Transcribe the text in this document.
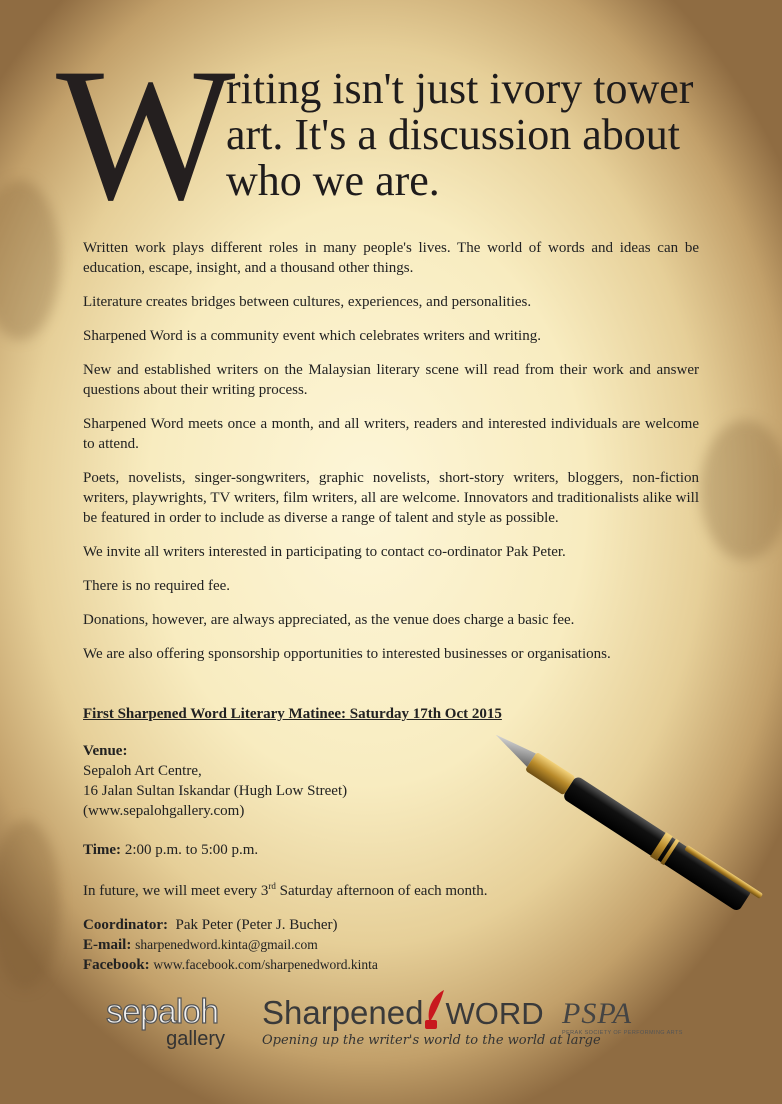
W
riting isn't just ivory tower
art. It's a discussion about
who we are.

Written work plays different roles in many people's lives. The world of words and ideas can be education, escape, insight, and a thousand other things.

Literature creates bridges between cultures, experiences, and personalities.

Sharpened Word is a community event which celebrates writers and writing.

New and established writers on the Malaysian literary scene will read from their work and answer questions about their writing process.

Sharpened Word meets once a month, and all writers, readers and interested individuals are welcome to attend.

Poets, novelists, singer-songwriters, graphic novelists, short-story writers, bloggers, non-fiction writers, playwrights, TV writers, film writers, all are welcome. Innovators and traditionalists alike will be featured in order to include as diverse a range of talent and style as possible.

We invite all writers interested in participating to contact co-ordinator Pak Peter.

There is no required fee.

Donations, however, are always appreciated, as the venue does charge a basic fee.

We are also offering sponsorship opportunities to interested businesses or organisations.

First Sharpened Word Literary Matinee: Saturday 17th Oct 2015
Venue:
Sepaloh Art Centre,
16 Jalan Sultan Iskandar (Hugh Low Street)
(www.sepalohgallery.com)
Time: 2:00 p.m. to 5:00 p.m.
In future, we will meet every 3rd Saturday afternoon of each month.
Coordinator: Pak Peter (Peter J. Bucher)
E-mail: sharpenedword.kinta@gmail.com
Facebook: www.facebook.com/sharpenedword.kinta
sepaloh
gallery
Sharpened WORD
Opening up the writer's world to the world at large
PSPA
PERAK SOCIETY OF PERFORMING ARTS
